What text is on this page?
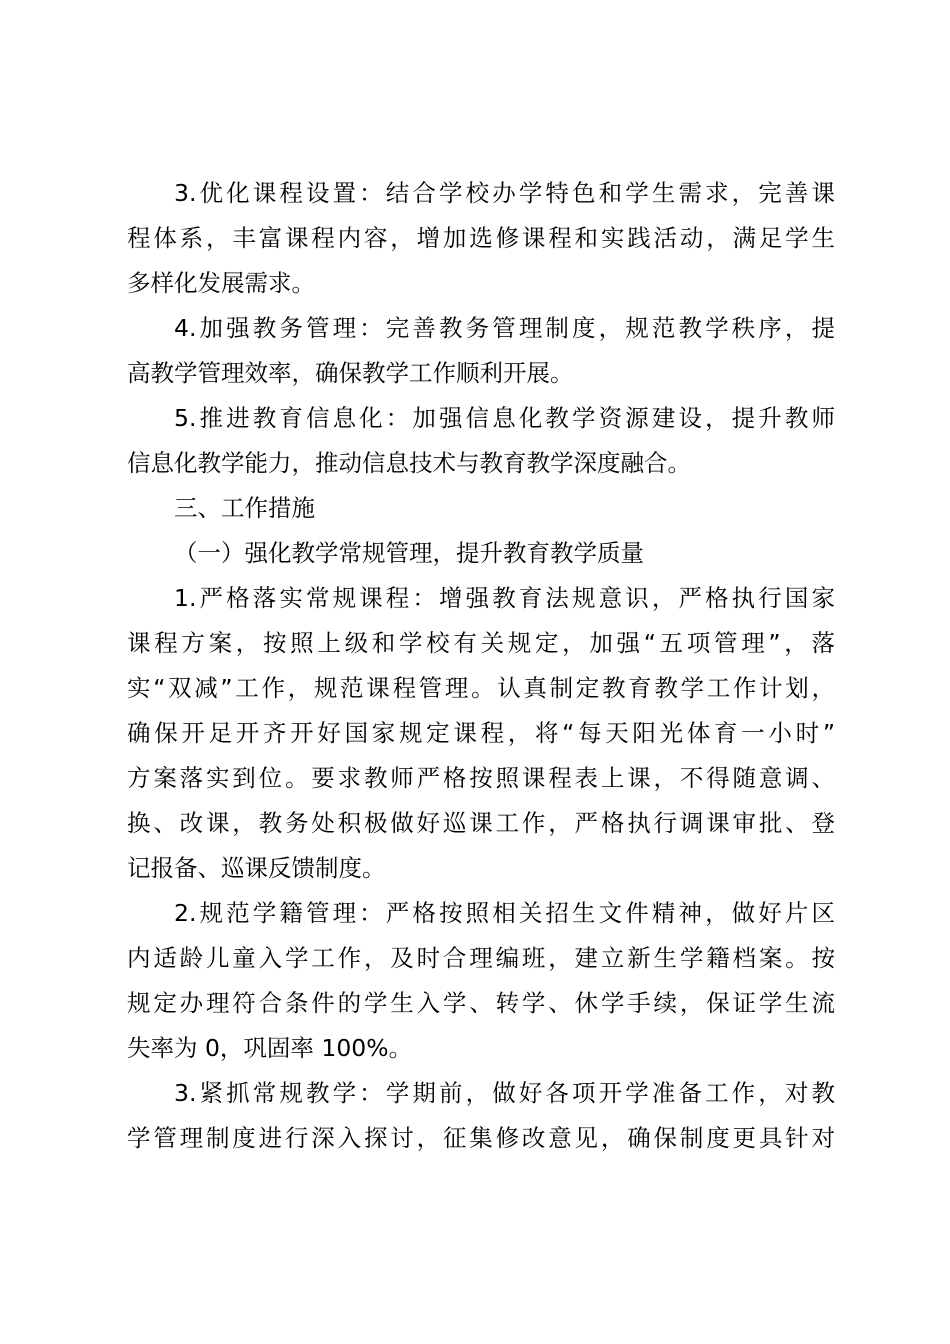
3.优化课程设置：结合学校办学特色和学生需求，完善课
程体系，丰富课程内容，增加选修课程和实践活动，满足学生
多样化发展需求。
4.加强教务管理：完善教务管理制度，规范教学秩序，提
高教学管理效率，确保教学工作顺利开展。
5.推进教育信息化：加强信息化教学资源建设，提升教师
信息化教学能力，推动信息技术与教育教学深度融合。
三、工作措施
（一）强化教学常规管理，提升教育教学质量
1.严格落实常规课程：增强教育法规意识，严格执行国家
课程方案，按照上级和学校有关规定，加强“五项管理”，落
实“双减”工作，规范课程管理。认真制定教育教学工作计划，
确保开足开齐开好国家规定课程，将“每天阳光体育一小时”
方案落实到位。要求教师严格按照课程表上课，不得随意调、
换、改课，教务处积极做好巡课工作，严格执行调课审批、登
记报备、巡课反馈制度。
2.规范学籍管理：严格按照相关招生文件精神，做好片区
内适龄儿童入学工作，及时合理编班，建立新生学籍档案。按
规定办理符合条件的学生入学、转学、休学手续，保证学生流
失率为 0，巩固率 100%。
3.紧抓常规教学：学期前，做好各项开学准备工作，对教
学管理制度进行深入探讨，征集修改意见，确保制度更具针对
